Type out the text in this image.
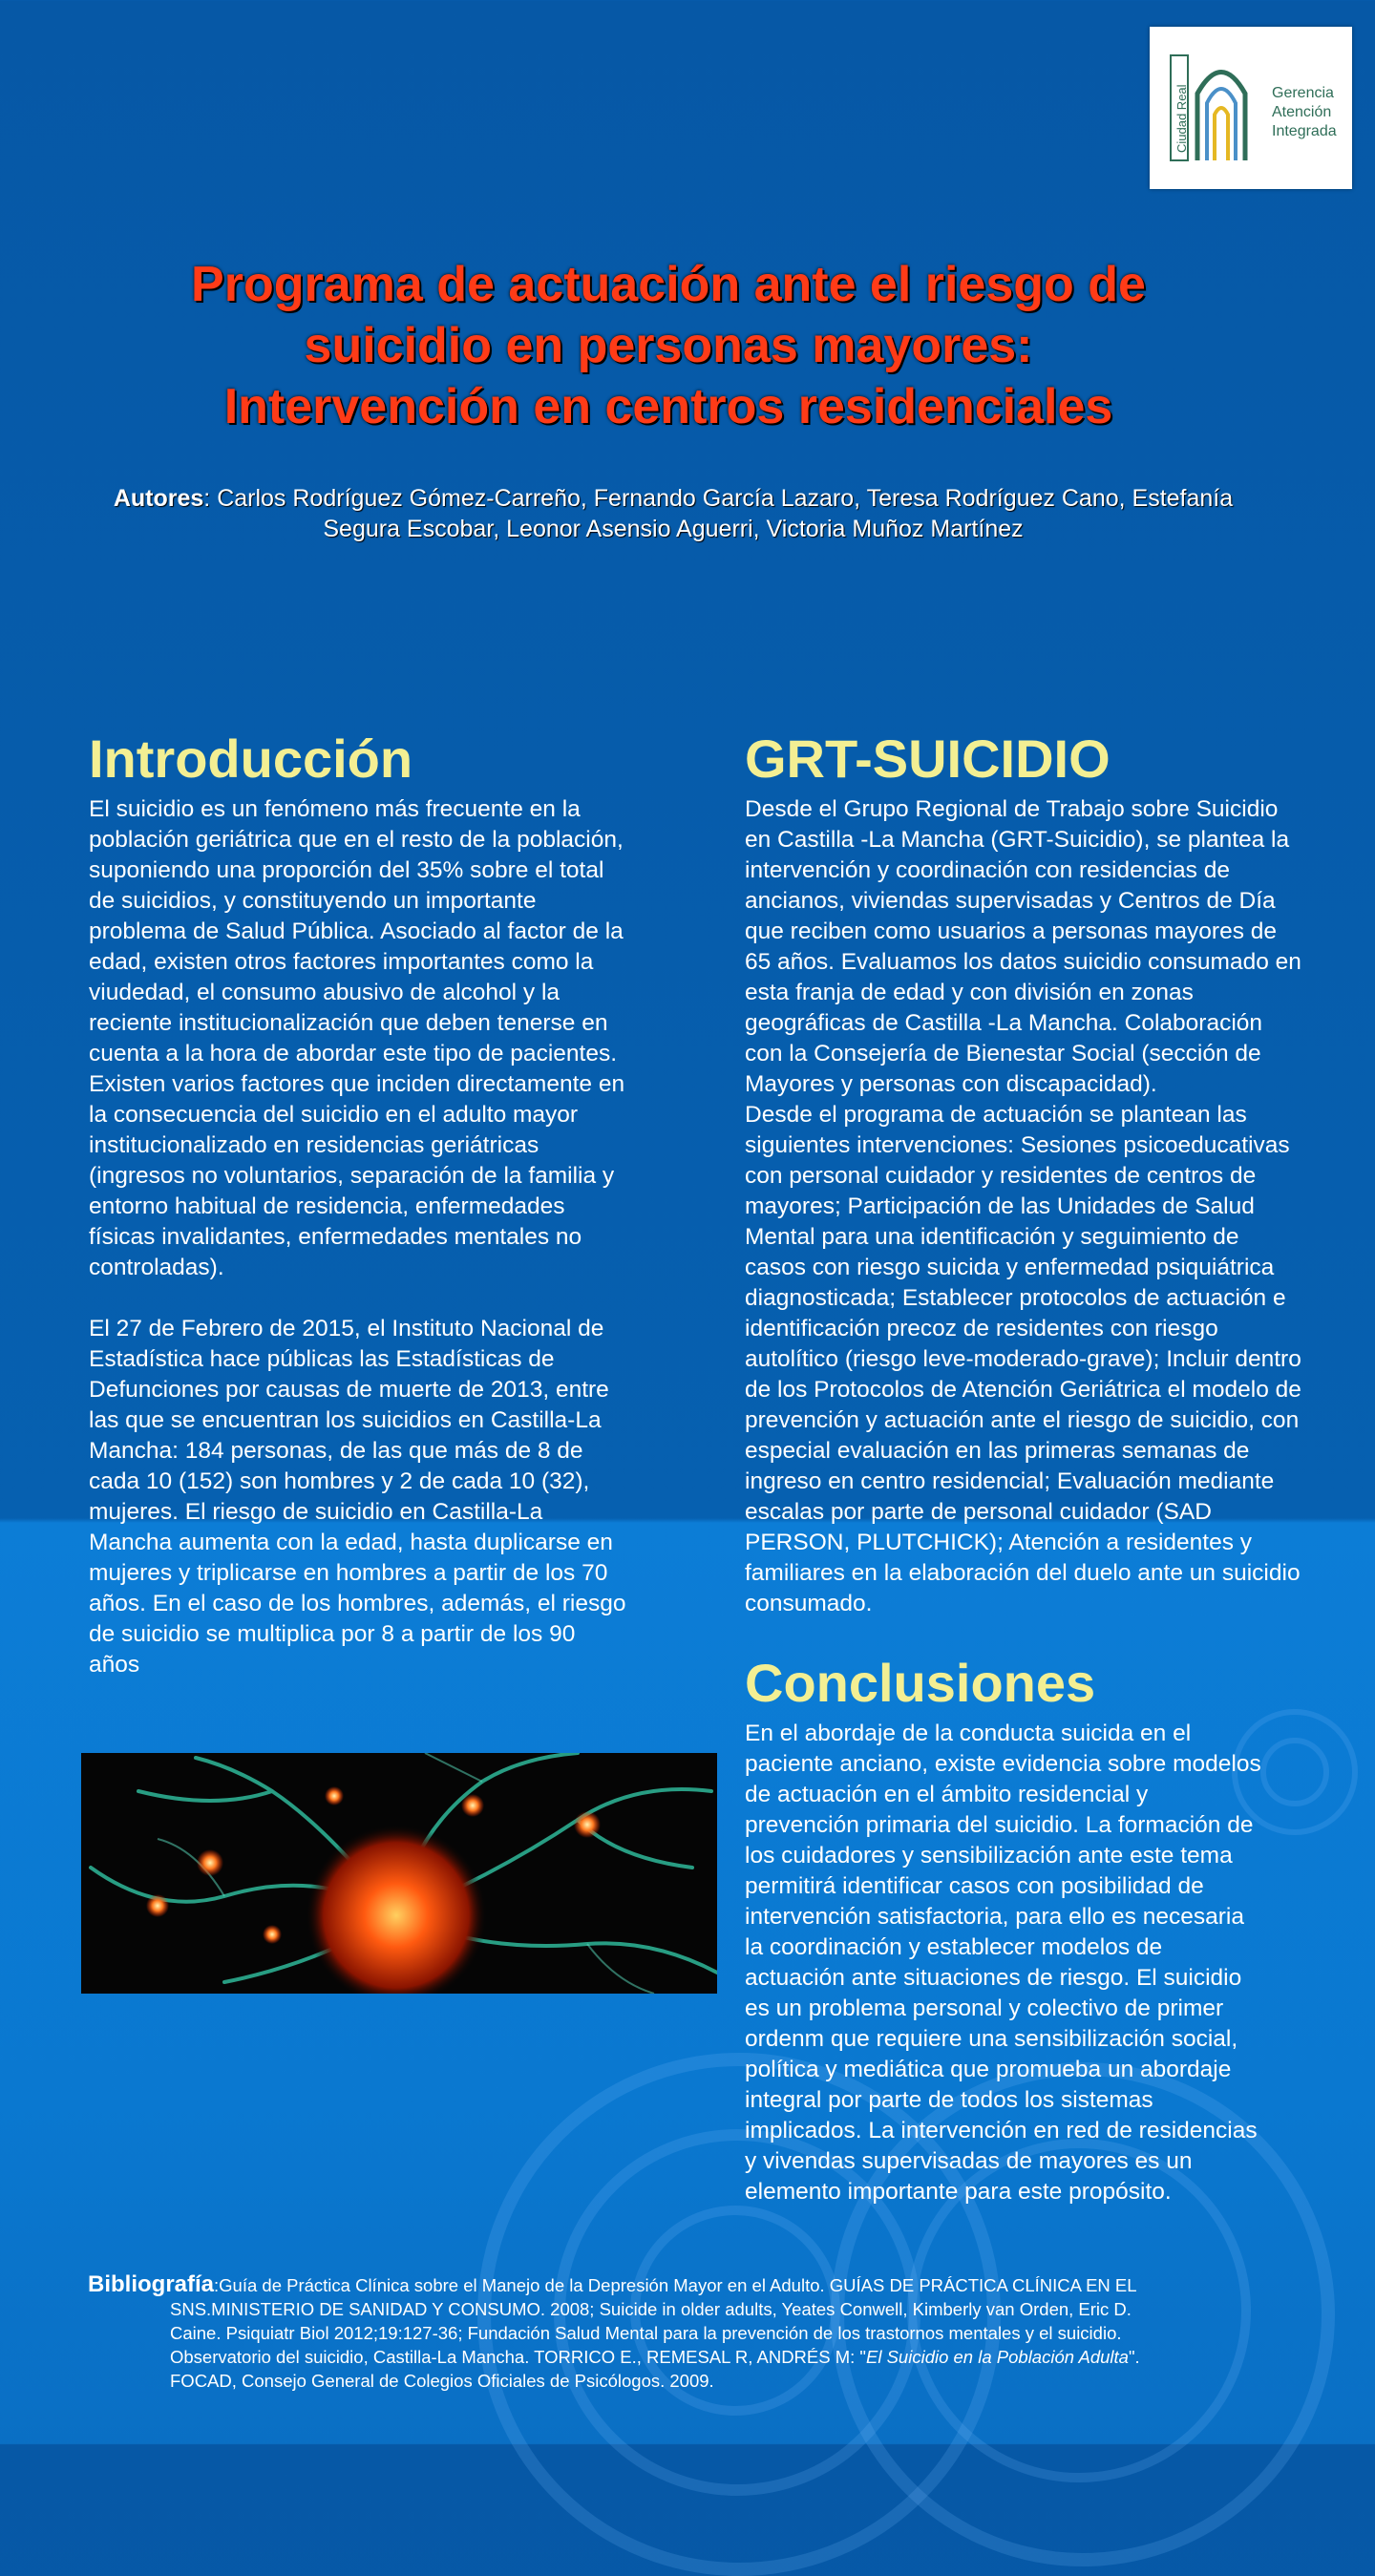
Ciudad Real	Gerencia
Atención
Integrada
Programa de actuación ante el riesgo de
suicidio en personas mayores:
Intervención en centros residenciales
Autores: Carlos Rodríguez Gómez-Carreño, Fernando García Lazaro, Teresa Rodríguez Cano, Estefanía
Segura Escobar, Leonor Asensio Aguerri, Victoria Muñoz Martínez
Introducción
El suicidio es un fenómeno más frecuente en la
población geriátrica que en el resto de la población,
suponiendo una proporción del 35% sobre el total
de suicidios, y constituyendo un importante
problema de Salud Pública. Asociado al factor de la
edad, existen otros factores importantes como la
viudedad, el consumo abusivo de alcohol y la
reciente institucionalización que deben tenerse en
cuenta a la hora de abordar este tipo de pacientes.
Existen varios factores que inciden directamente en
la consecuencia del suicidio en el adulto mayor
institucionalizado en residencias geriátricas
(ingresos no voluntarios, separación de la familia y
entorno habitual de residencia, enfermedades
físicas invalidantes, enfermedades mentales no
controladas).

El 27 de Febrero de 2015, el Instituto Nacional de
Estadística hace públicas las Estadísticas de
Defunciones por causas de muerte de 2013, entre
las que se encuentran los suicidios en Castilla-La
Mancha: 184 personas, de las que más de 8 de
cada 10 (152) son hombres y 2 de cada 10 (32),
mujeres. El riesgo de suicidio en Castilla-La
Mancha aumenta con la edad, hasta duplicarse en
mujeres y triplicarse en hombres a partir de los 70
años. En el caso de los hombres, además, el riesgo
de suicidio se multiplica por 8 a partir de los 90
años
GRT-SUICIDIO
Desde el Grupo Regional de Trabajo sobre Suicidio
en Castilla -La Mancha (GRT-Suicidio), se plantea la
intervención y coordinación con residencias de
ancianos, viviendas supervisadas y Centros de Día
que reciben como usuarios a personas mayores de
65 años. Evaluamos los datos suicidio consumado en
esta franja de edad y con división en zonas
geográficas de Castilla -La Mancha. Colaboración
con la Consejería de Bienestar Social (sección de
Mayores y personas con discapacidad).
Desde el programa de actuación se plantean las
siguientes intervenciones: Sesiones psicoeducativas
con personal cuidador y residentes de centros de
mayores; Participación de las Unidades de Salud
Mental para una identificación y seguimiento de
casos con riesgo suicida y enfermedad psiquiátrica
diagnosticada; Establecer protocolos de actuación e
identificación precoz de residentes con riesgo
autolítico (riesgo leve-moderado-grave); Incluir dentro
de los Protocolos de Atención Geriátrica el modelo de
prevención y actuación ante el riesgo de suicidio, con
especial evaluación en las primeras semanas de
ingreso en centro residencial; Evaluación mediante
escalas por parte de personal cuidador (SAD
PERSON, PLUTCHICK); Atención a residentes y
familiares en la elaboración del duelo ante un suicidio
consumado.
Conclusiones
En el abordaje de la conducta suicida en el
paciente anciano, existe evidencia sobre modelos
de actuación en el ámbito residencial y
prevención primaria del suicidio. La formación de
los cuidadores y sensibilización ante este tema
permitirá identificar casos con posibilidad de
intervención satisfactoria, para ello es necesaria
la coordinación y establecer modelos de
actuación ante situaciones de riesgo. El suicidio
es un problema personal y colectivo de primer
ordenm que requiere una sensibilización social,
política y mediática que promueba un abordaje
integral por parte de todos los sistemas
implicados. La intervención en red de residencias
y vivendas supervisadas de mayores es un
elemento importante para este propósito.
Bibliografía:Guía de Práctica Clínica sobre el Manejo de la Depresión Mayor en el Adulto. GUÍAS DE PRÁCTICA CLÍNICA EN EL
SNS.MINISTERIO DE SANIDAD Y CONSUMO. 2008; Suicide in older adults, Yeates Conwell, Kimberly van Orden, Eric D.
Caine. Psiquiatr Biol 2012;19:127-36; Fundación Salud Mental para la prevención de los trastornos mentales y el suicidio.
Observatorio del suicidio, Castilla-La Mancha. TORRICO E., REMESAL R, ANDRÉS M: "El Suicidio en la Población Adulta".
FOCAD, Consejo General de Colegios Oficiales de Psicólogos. 2009.
